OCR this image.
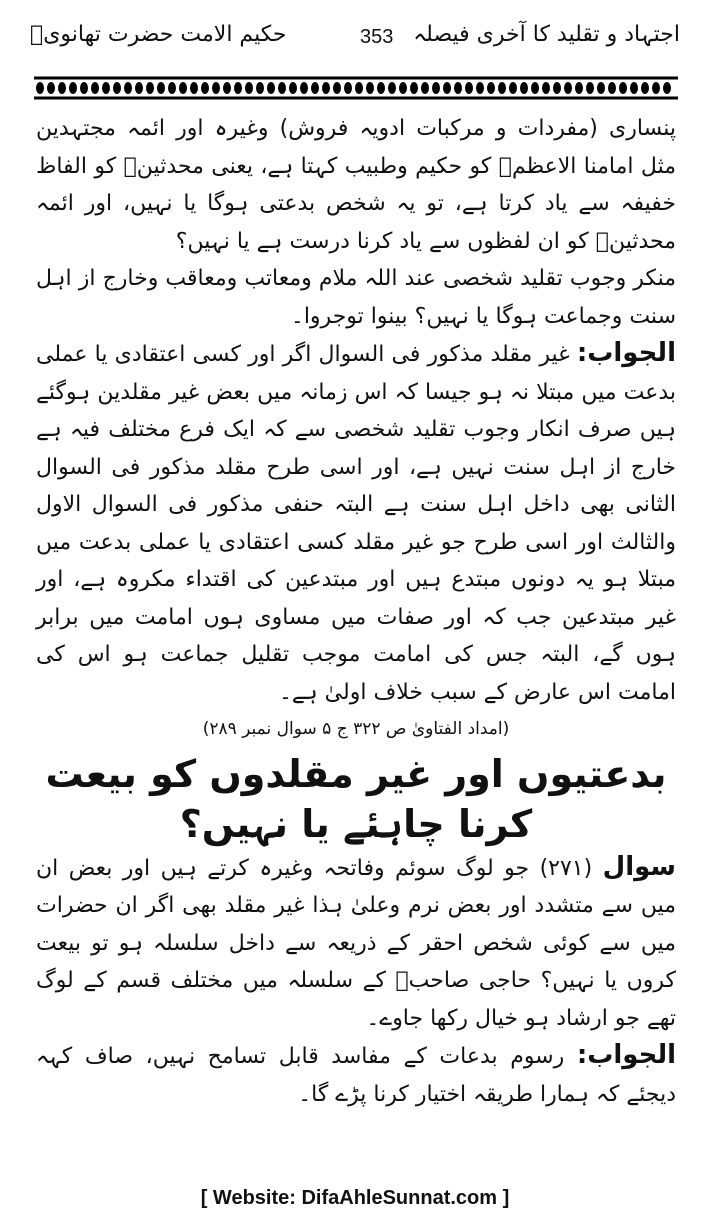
اجتہاد و تقلید کا آخری فیصلہ
353
حکیم الامت حضرت تھانویؒ

پنساری (مفردات و مرکبات ادویہ فروش) وغیرہ اور ائمہ مجتہدین مثل امامنا الاعظمؒ کو حکیم وطبیب کہتا ہے، یعنی محدثینؒ کو الفاظ خفیفہ سے یاد کرتا ہے، تو یہ شخص بدعتی ہوگا یا نہیں، اور ائمہ محدثینؒ کو ان لفظوں سے یاد کرنا درست ہے یا نہیں؟

منکر وجوب تقلید شخصی عند اللہ ملام ومعاتب ومعاقب وخارج از اہل سنت وجماعت ہوگا یا نہیں؟ بینوا توجروا۔

الجواب: غیر مقلد مذکور فی السوال اگر اور کسی اعتقادی یا عملی بدعت میں مبتلا نہ ہو جیسا کہ اس زمانہ میں بعض غیر مقلدین ہوگئے ہیں صرف انکار وجوب تقلید شخصی سے کہ ایک فرع مختلف فیہ ہے خارج از اہل سنت نہیں ہے، اور اسی طرح مقلد مذکور فی السوال الثانی بھی داخل اہل سنت ہے البتہ حنفی مذکور فی السوال الاول والثالث اور اسی طرح جو غیر مقلد کسی اعتقادی یا عملی بدعت میں مبتلا ہو یہ دونوں مبتدع ہیں اور مبتدعین کی اقتداء مکروہ ہے، اور غیر مبتدعین جب کہ اور صفات میں مساوی ہوں امامت میں برابر ہوں گے، البتہ جس کی امامت موجب تقلیل جماعت ہو اس کی امامت اس عارض کے سبب خلاف اولیٰ ہے۔

(امداد الفتاویٰ ص ۳۲۲ ج ۵ سوال نمبر ۲۸۹)

بدعتیوں اور غیر مقلدوں کو بیعت کرنا چاہئے یا نہیں؟

سوال (۲۷۱) جو لوگ سوئم وفاتحہ وغیرہ کرتے ہیں اور بعض ان میں سے متشدد اور بعض نرم وعلیٰ ہذا غیر مقلد بھی اگر ان حضرات میں سے کوئی شخص احقر کے ذریعہ سے داخل سلسلہ ہو تو بیعت کروں یا نہیں؟ حاجی صاحبؒ کے سلسلہ میں مختلف قسم کے لوگ تھے جو ارشاد ہو خیال رکھا جاوے۔

الجواب: رسوم بدعات کے مفاسد قابل تسامح نہیں، صاف کہہ دیجئے کہ ہمارا طریقہ اختیار کرنا پڑے گا۔

[ Website: DifaAhleSunnat.com ]
